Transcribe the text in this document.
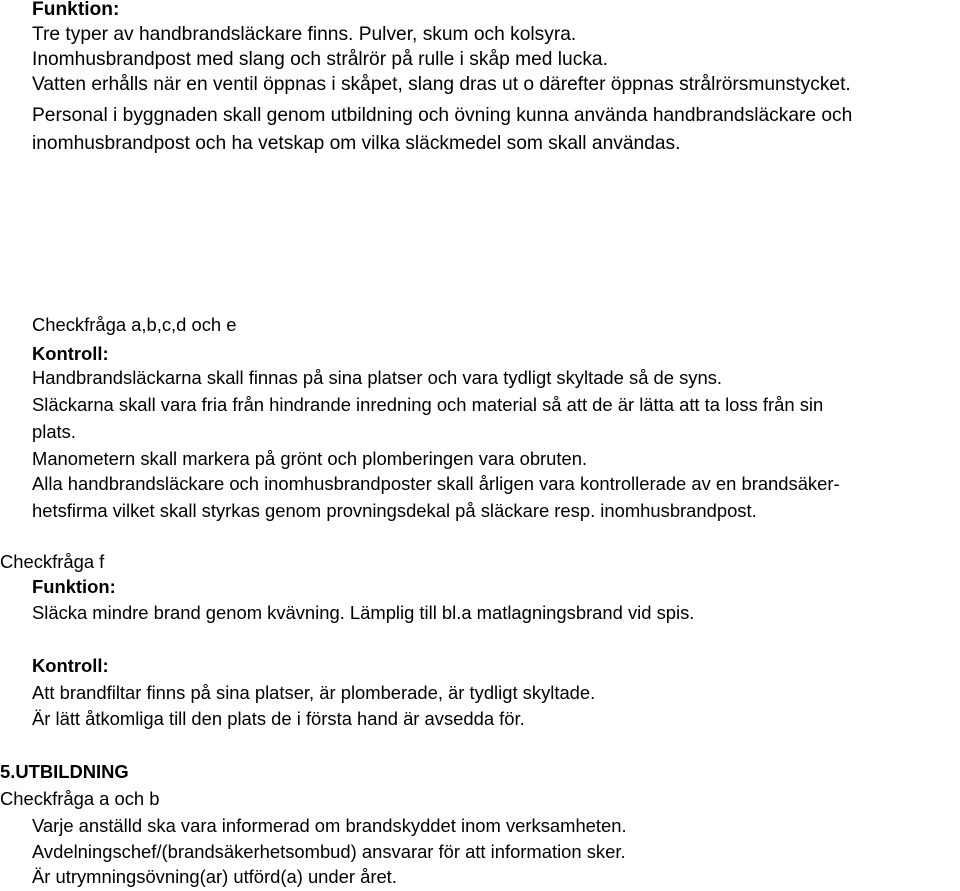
Funktion:
Tre typer av handbrandsläckare finns. Pulver, skum och kolsyra.
Inomhusbrandpost med slang och strålrör på rulle i skåp med lucka.
Vatten erhålls när en ventil öppnas i skåpet, slang dras ut o därefter öppnas strålrörsmunstycket.
Personal i byggnaden skall genom utbildning och övning kunna använda handbrandsläckare och
inomhusbrandpost och ha vetskap om vilka släckmedel som skall användas.
Checkfråga a,b,c,d och e
Kontroll:
Handbrandsläckarna skall finnas på sina platser och vara tydligt skyltade så de syns.
Släckarna skall vara fria från hindrande inredning och material så att de är lätta att ta loss från sin
plats.
Manometern skall markera på grönt och plomberingen vara obruten.
Alla handbrandsläckare och inomhusbrandposter skall årligen vara kontrollerade av en brandsäker-
hetsfirma vilket skall styrkas genom provningsdekal på släckare resp. inomhusbrandpost.
Checkfråga f
Funktion:
Släcka mindre brand genom kvävning. Lämplig till bl.a matlagningsbrand vid spis.
Kontroll:
Att brandfiltar finns på sina platser, är plomberade, är tydligt skyltade.
Är lätt åtkomliga till den plats de i första hand är avsedda för.
5.UTBILDNING
Checkfråga a och b
Varje anställd ska vara informerad om brandskyddet inom verksamheten.
Avdelningschef/(brandsäkerhetsombud) ansvarar för att information sker.
Är utrymningsövning(ar) utförd(a) under året.
